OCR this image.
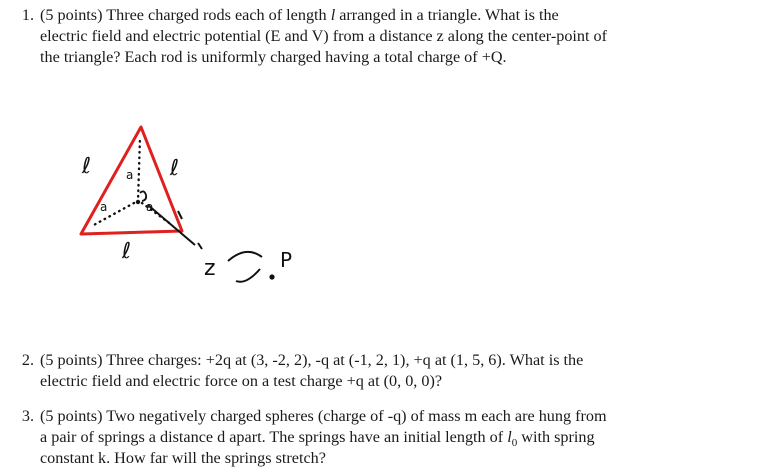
1. (5 points) Three charged rods each of length l arranged in a triangle. What is the
electric field and electric potential (E and V) from a distance z along the center-point of
the triangle? Each rod is uniformly charged having a total charge of +Q.
ℓ	ℓ
ℓ
a
a	a
z	P
2. (5 points) Three charges: +2q at (3, -2, 2), -q at (-1, 2, 1), +q at (1, 5, 6). What is the
electric field and electric force on a test charge +q at (0, 0, 0)?
3. (5 points) Two negatively charged spheres (charge of -q) of mass m each are hung from
a pair of springs a distance d apart. The springs have an initial length of $l_0$ with spring
constant k. How far will the springs stretch?
